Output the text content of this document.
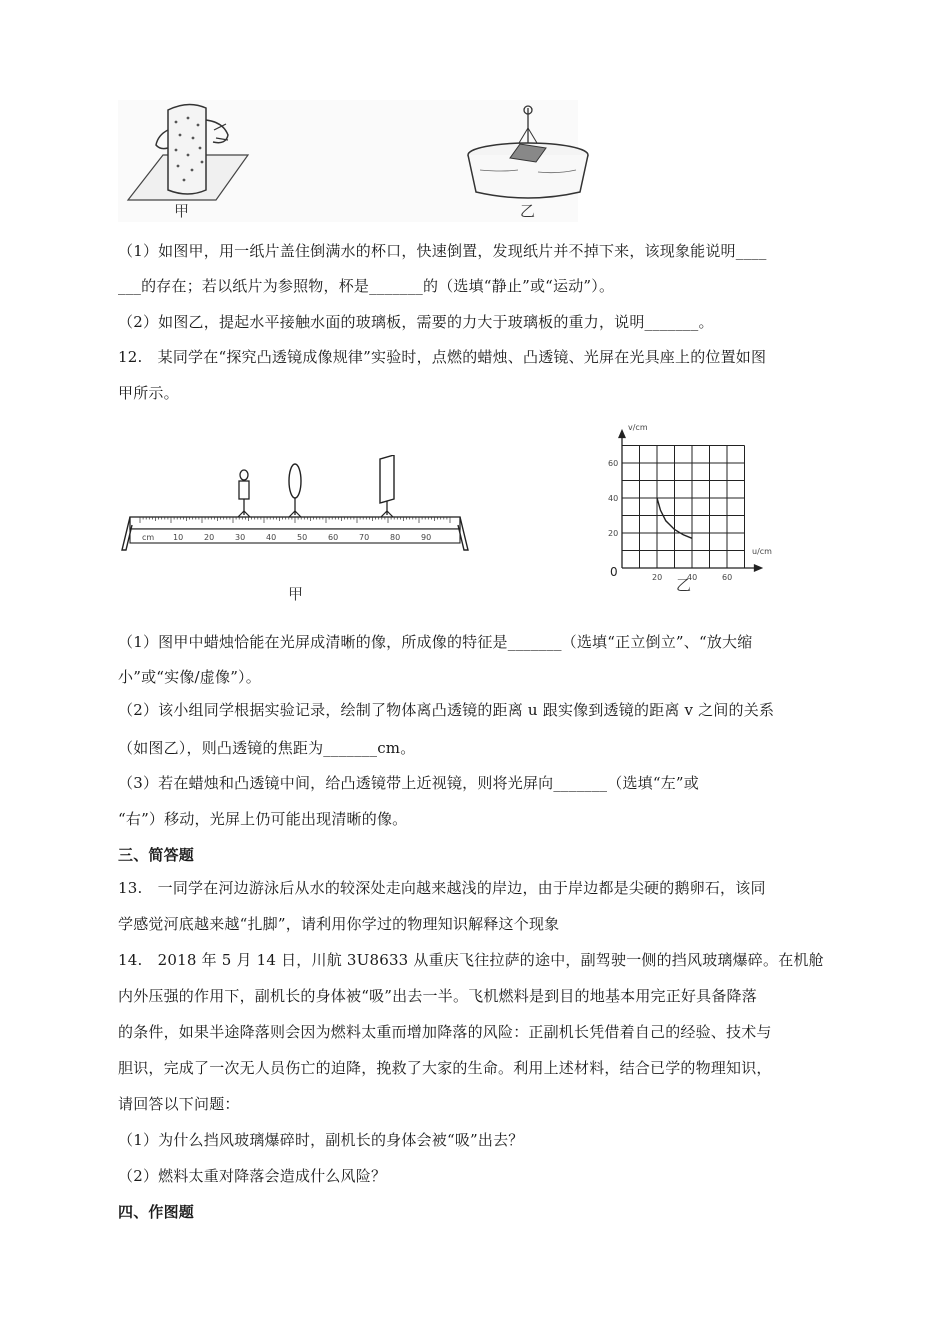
甲	乙
（1）如图甲，用一纸片盖住倒满水的杯口，快速倒置，发现纸片并不掉下来，该现象能说明____
___的存在；若以纸片为参照物，杯是_______的（选填“静止”或“运动”）。
（2）如图乙，提起水平接触水面的玻璃板，需要的力大于玻璃板的重力，说明_______。
12.　某同学在“探究凸透镜成像规律”实验时，点燃的蜡烛、凸透镜、光屏在光具座上的位置如图
甲所示。
cm 10	20	30	40	50	60	70	80	90
甲
v/cm
u/cm
0
60
40
20
20	40	60
乙
（1）图甲中蜡烛恰能在光屏成清晰的像，所成像的特征是_______（选填“正立倒立”、“放大缩
小”或“实像/虚像”）。
（2）该小组同学根据实验记录，绘制了物体离凸透镜的距离 u 跟实像到透镜的距离 v 之间的关系
（如图乙），则凸透镜的焦距为_______cm。
（3）若在蜡烛和凸透镜中间，给凸透镜带上近视镜，则将光屏向_______（选填“左”或
“右”）移动，光屏上仍可能出现清晰的像。
三、简答题
13.　一同学在河边游泳后从水的较深处走向越来越浅的岸边，由于岸边都是尖硬的鹅卵石，该同
学感觉河底越来越“扎脚”，请利用你学过的物理知识解释这个现象
14.　2018 年 5 月 14 日，川航 3U8633 从重庆飞往拉萨的途中，副驾驶一侧的挡风玻璃爆碎。在机舱
内外压强的作用下，副机长的身体被“吸”出去一半。飞机燃料是到目的地基本用完正好具备降落
的条件，如果半途降落则会因为燃料太重而增加降落的风险：正副机长凭借着自己的经验、技术与
胆识，完成了一次无人员伤亡的迫降，挽救了大家的生命。利用上述材料，结合已学的物理知识，
请回答以下问题：
（1）为什么挡风玻璃爆碎时，副机长的身体会被“吸”出去？
（2）燃料太重对降落会造成什么风险？
四、作图题
